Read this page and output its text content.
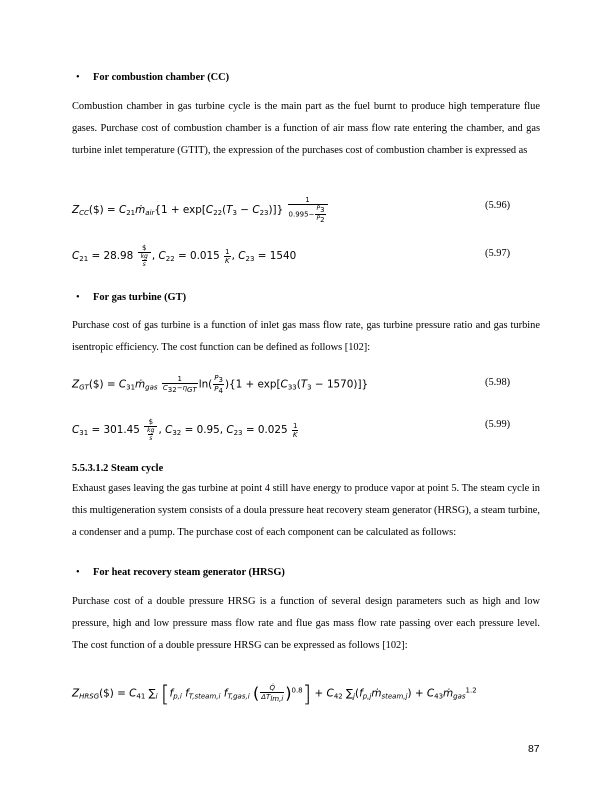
• For combustion chamber (CC)
Combustion chamber in gas turbine cycle is the main part as the fuel burnt to produce high temperature flue gases. Purchase cost of combustion chamber is a function of air mass flow rate entering the chamber, and gas turbine inlet temperature (GTIT), the expression of the purchases cost of combustion chamber is expressed as
$Z_{CC}(\$)$ = $C_{21}ṁ_{air}\{1 + \exp[C_{22}(T_3 - C_{23})]\} \frac{1}{0.995- \frac{P_3}{P_2}}$	(5.96)
$C_{21} = 28.98 \frac{\$}{\frac{kg}{s}}$ , $C_{22} = 0.015 \frac{1}{K}$ , $C_{23} = 1540$	(5.97)
• For gas turbine (GT)
Purchase cost of gas turbine is a function of inlet gas mass flow rate, gas turbine pressure ratio and gas turbine isentropic efficiency. The cost function can be defined as follows [102]:
$Z_{GT}(\$)$ = $C_{31}ṁ_{gas} \frac{1}{C_{32}-\eta_{GT}} \ln( \frac{P_3}{P_4} )\{1 + \exp[C_{33}(T_3 - 1570)]\}$	(5.98)
$C_{31} = 301.45 \frac{\$}{\frac{kg}{s}}$ , $C_{32} = 0.95$, $C_{23} = 0.025 \frac{1}{K}$	(5.99)
5.5.3.1.2 Steam cycle
Exhaust gases leaving the gas turbine at point 4 still have energy to produce vapor at point 5. The steam cycle in this multigeneration system consists of a doula pressure heat recovery steam generator (HRSG), a steam turbine, a condenser and a pump. The purchase cost of each component can be calculated as follows:
• For heat recovery steam generator (HRSG)
Purchase cost of a double pressure HRSG is a function of several design parameters such as high and low pressure, high and low pressure mass flow rate and flue gas mass flow rate passing over each pressure level. The cost function of a double pressure HRSG can be expressed as follows [102]:
$Z_{HRSG}(\$) = C_{41}$ $\sum_i$ [$f_{p,i}$ $f_{T,steam,i}$ $f_{T,gas,i}$ ( $\frac{Q̇}{\Delta T_{lm,i}} )^{0.8}] + C_{42}$ $\sum_j(f_{p,j}ṁ_{steam,j})$ + $C_{43}ṁ_{gas}^{1.2}$
87
